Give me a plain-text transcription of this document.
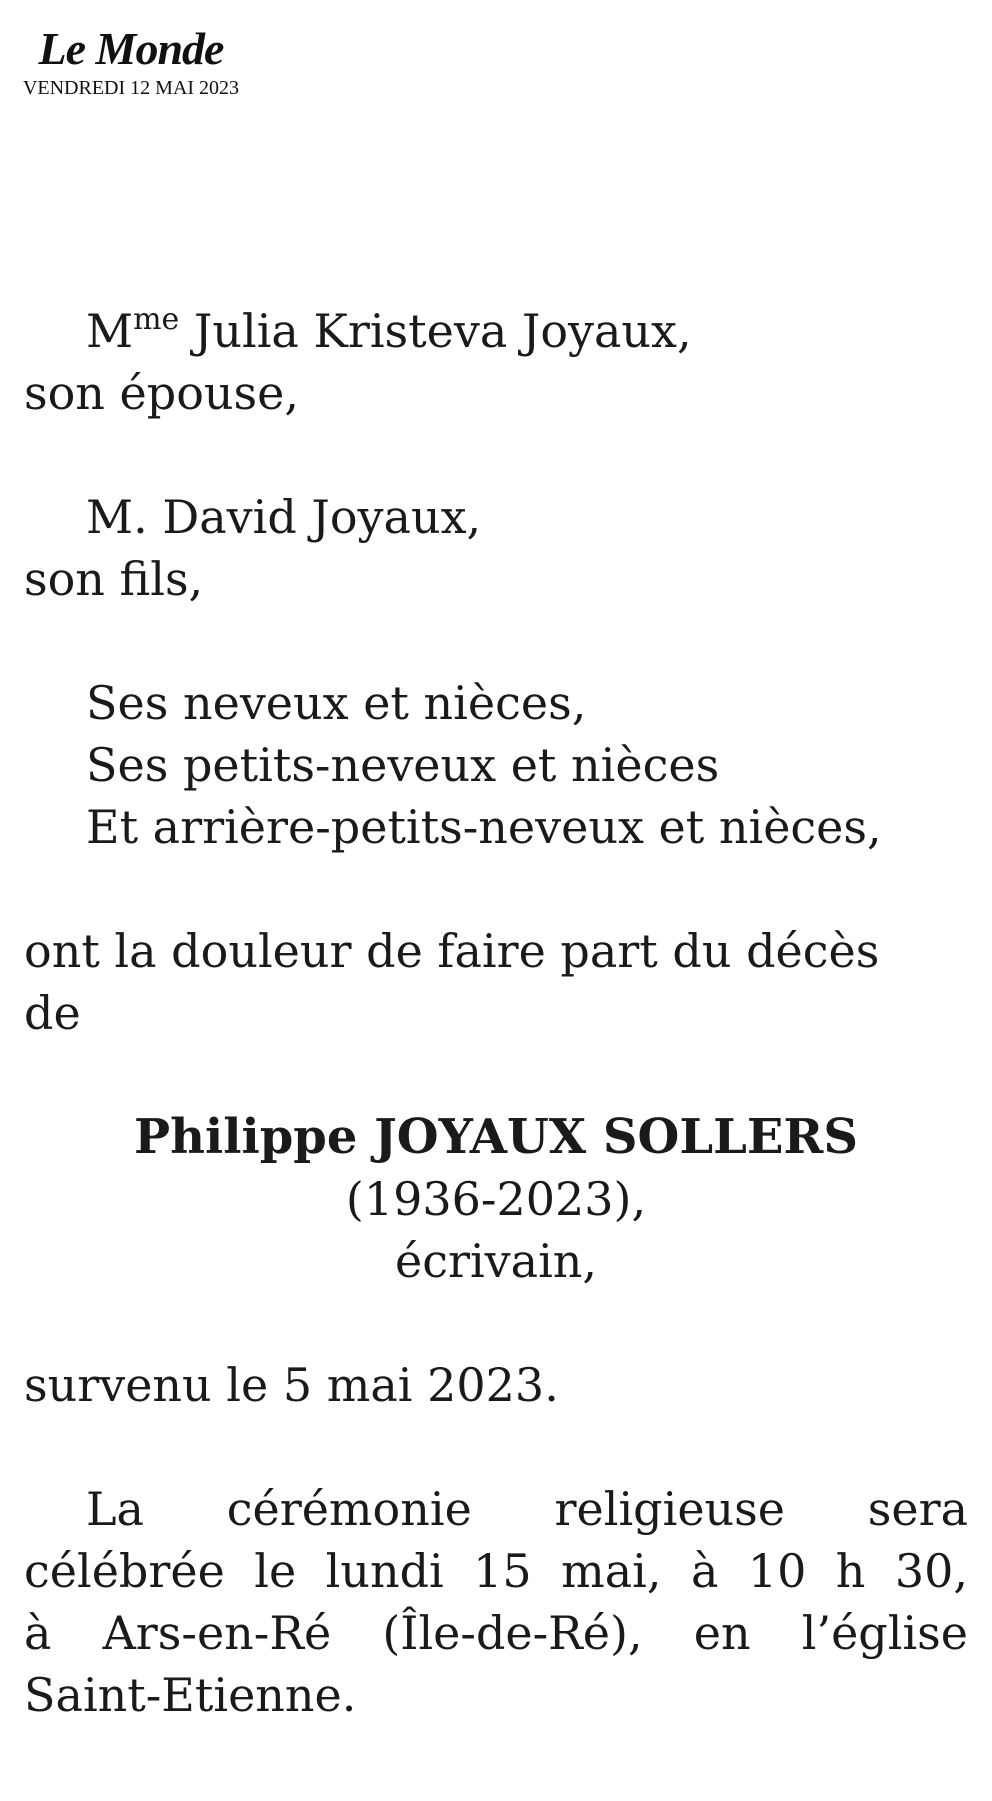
Le Monde
VENDREDI 12 MAI 2023
$M^{me}$ Julia Kristeva Joyaux,
son épouse,
M. David Joyaux,
son fils,
Ses neveux et nièces,
Ses petits-neveux et nièces
Et arrière-petits-neveux et nièces,
ont la douleur de faire part du décès
de
Philippe JOYAUX SOLLERS
(1936-2023),
écrivain,
survenu le 5 mai 2023.
La cérémonie religieuse sera
célébrée le lundi 15 mai, à 10 h 30,
à Ars-en-Ré (Île-de-Ré), en l’église
Saint-Etienne.
